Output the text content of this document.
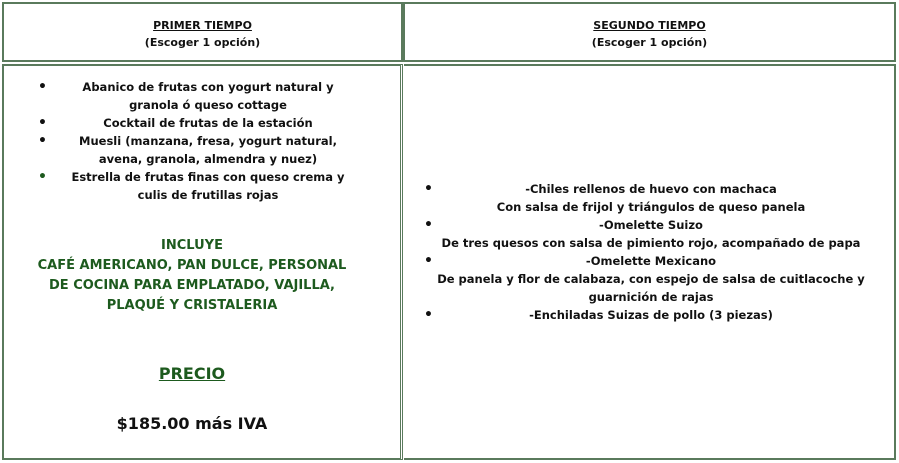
PRIMER TIEMPO
(Escoger 1 opción)
SEGUNDO TIEMPO
(Escoger 1 opción)
•	Abanico de frutas con yogurt natural y granola ó queso cottage
•	Cocktail de frutas de la estación
•	Muesli (manzana, fresa, yogurt natural, avena, granola, almendra y nuez)
• Estrella de frutas finas con queso crema y culis de frutillas rojas
INCLUYE
CAFÉ AMERICANO, PAN DULCE, PERSONAL
DE COCINA PARA EMPLATADO, VAJILLA,
PLAQUÉ Y CRISTALERIA
PRECIO
$185.00 más IVA
•	-Chiles rellenos de huevo con machaca
Con salsa de frijol y triángulos de queso panela
•	-Omelette Suizo
De tres quesos con salsa de pimiento rojo, acompañado de papa
•	-Omelette Mexicano
De panela y flor de calabaza, con espejo de salsa de cuitlacoche y guarnición de rajas
•	-Enchiladas Suizas de pollo (3 piezas)
